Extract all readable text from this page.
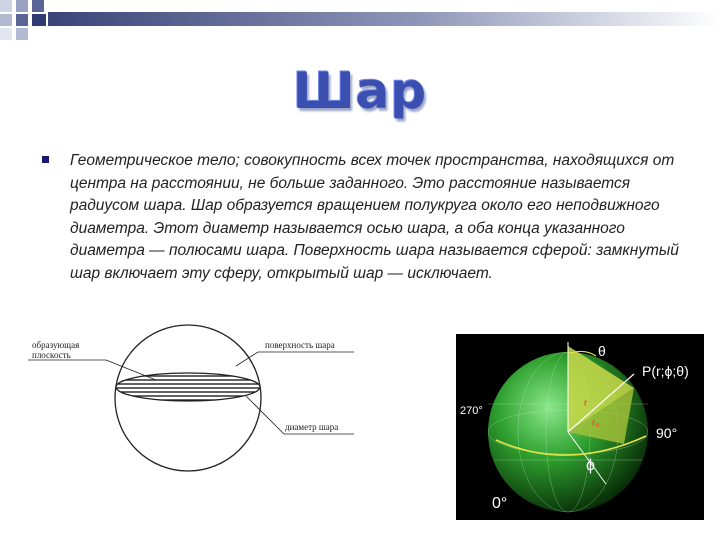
Шар

Геометрическое тело; совокупность всех точек пространства, находящихся от центра на расстоянии, не больше заданного. Это расстояние называется радиусом шара. Шар образуется вращением полукруга около его неподвижного диаметра. Этот диаметр называется осью шара, а оба конца указанного диаметра — полюсами шара. Поверхность шара называется сферой: замкнутый шар включает эту сферу, открытый шар — исключает.

образующая
плоскость
поверхность шара
диаметр шара
θ
P(r;ϕ;θ)
270°
90°
ϕ
0°
r
r₀
